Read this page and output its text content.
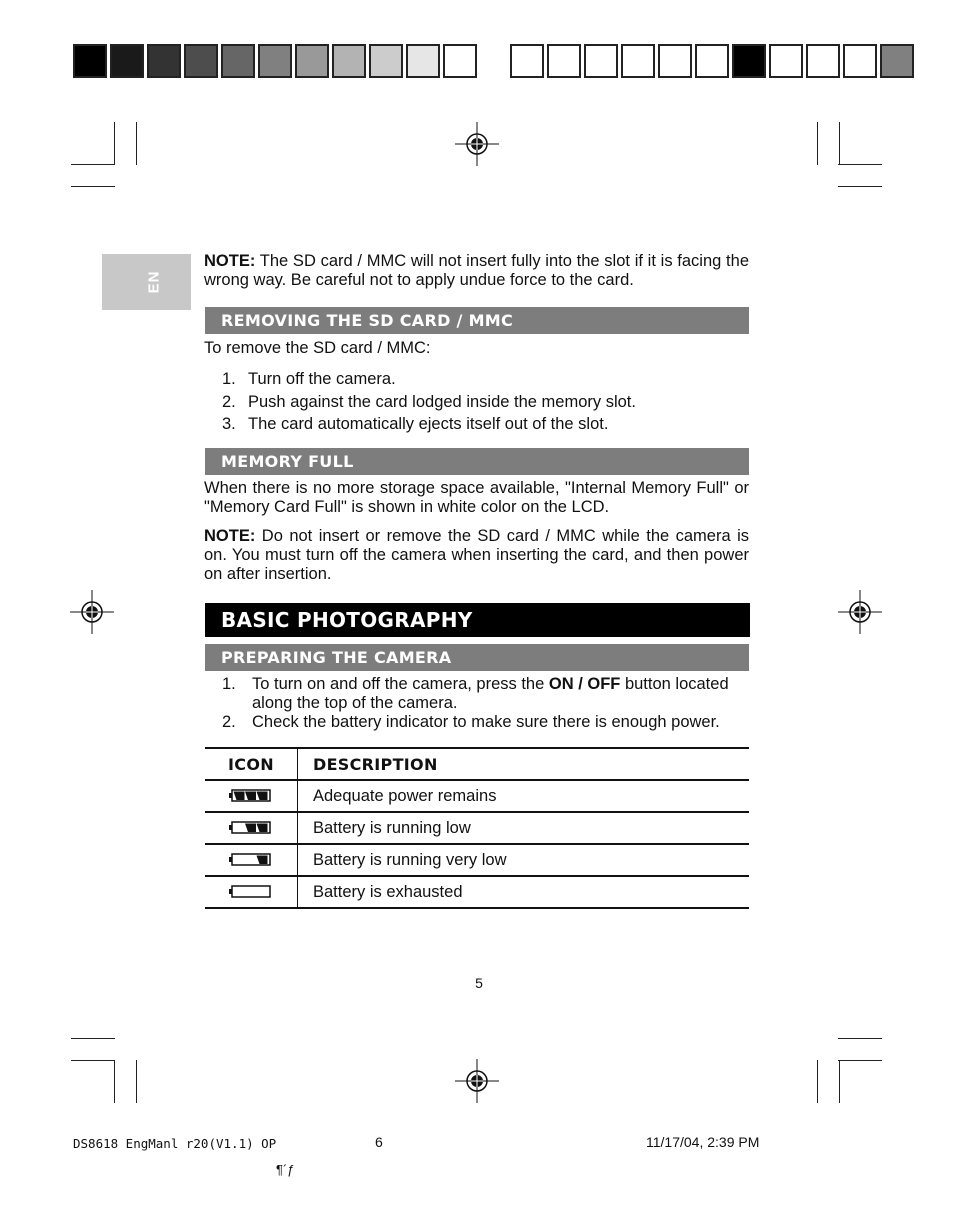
EN

NOTE: The SD card / MMC will not insert fully into the slot if it is facing the wrong way. Be careful not to apply undue force to the card.

REMOVING THE SD CARD / MMC

To remove the SD card / MMC:

1. Turn off the camera.
2. Push against the card lodged inside the memory slot.
3. The card automatically ejects itself out of the slot.
MEMORY FULL

When there is no more storage space available, "Internal Memory Full" or "Memory Card Full" is shown in white color on the LCD.

NOTE: Do not insert or remove the SD card / MMC while the camera is on. You must turn off the camera when inserting the card, and then power on after insertion.

BASIC PHOTOGRAPHY
PREPARING THE CAMERA
1. To turn on and off the camera, press the ON / OFF button located along the top of the camera.
2. Check the battery indicator to make sure there is enough power.
ICON	DESCRIPTION
	Adequate power remains
	Battery is running low
	Battery is running very low
	Battery is exhausted
5
DS8618 EngManl r20(V1.1) OP	6	11/17/04, 2:39 PM
¶´ƒ
